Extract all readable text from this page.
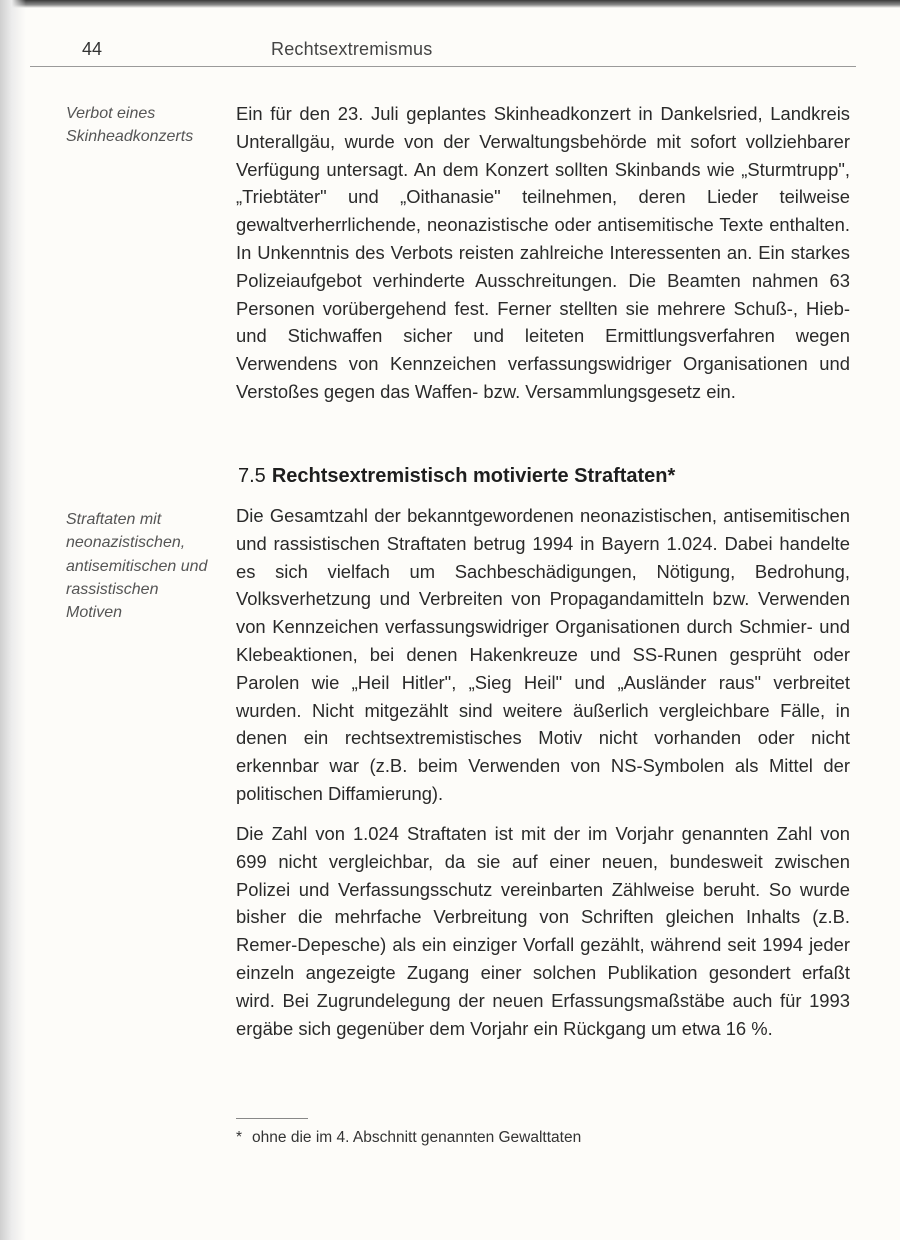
44	Rechtsextremismus
Verbot eines Skinheadkonzerts
Ein für den 23. Juli geplantes Skinheadkonzert in Dankelsried, Landkreis Unterallgäu, wurde von der Verwaltungsbehörde mit sofort vollziehbarer Verfügung untersagt. An dem Konzert sollten Skinbands wie „Sturmtrupp", „Triebtäter" und „Oithanasie" teilnehmen, deren Lieder teilweise gewaltverherrlichende, neonazistische oder antisemitische Texte enthalten. In Unkenntnis des Verbots reisten zahlreiche Interessenten an. Ein starkes Polizeiaufgebot verhinderte Ausschreitungen. Die Beamten nahmen 63 Personen vorübergehend fest. Ferner stellten sie mehrere Schuß-, Hieb- und Stichwaffen sicher und leiteten Ermittlungsverfahren wegen Verwendens von Kennzeichen verfassungswidriger Organisationen und Verstoßes gegen das Waffen- bzw. Versammlungsgesetz ein.
7.5 Rechtsextremistisch motivierte Straftaten*
Straftaten mit neonazistischen, antisemitischen und rassistischen Motiven
Die Gesamtzahl der bekanntgewordenen neonazistischen, antisemitischen und rassistischen Straftaten betrug 1994 in Bayern 1.024. Dabei handelte es sich vielfach um Sachbeschädigungen, Nötigung, Bedrohung, Volksverhetzung und Verbreiten von Propagandamitteln bzw. Verwenden von Kennzeichen verfassungswidriger Organisationen durch Schmier- und Klebeaktionen, bei denen Hakenkreuze und SS-Runen gesprüht oder Parolen wie „Heil Hitler", „Sieg Heil" und „Ausländer raus" verbreitet wurden. Nicht mitgezählt sind weitere äußerlich vergleichbare Fälle, in denen ein rechtsextremistisches Motiv nicht vorhanden oder nicht erkennbar war (z.B. beim Verwenden von NS-Symbolen als Mittel der politischen Diffamierung).
Die Zahl von 1.024 Straftaten ist mit der im Vorjahr genannten Zahl von 699 nicht vergleichbar, da sie auf einer neuen, bundesweit zwischen Polizei und Verfassungsschutz vereinbarten Zählweise beruht. So wurde bisher die mehrfache Verbreitung von Schriften gleichen Inhalts (z.B. Remer-Depesche) als ein einziger Vorfall gezählt, während seit 1994 jeder einzeln angezeigte Zugang einer solchen Publikation gesondert erfaßt wird. Bei Zugrundelegung der neuen Erfassungsmaßstäbe auch für 1993 ergäbe sich gegenüber dem Vorjahr ein Rückgang um etwa 16 %.
* ohne die im 4. Abschnitt genannten Gewalttaten
